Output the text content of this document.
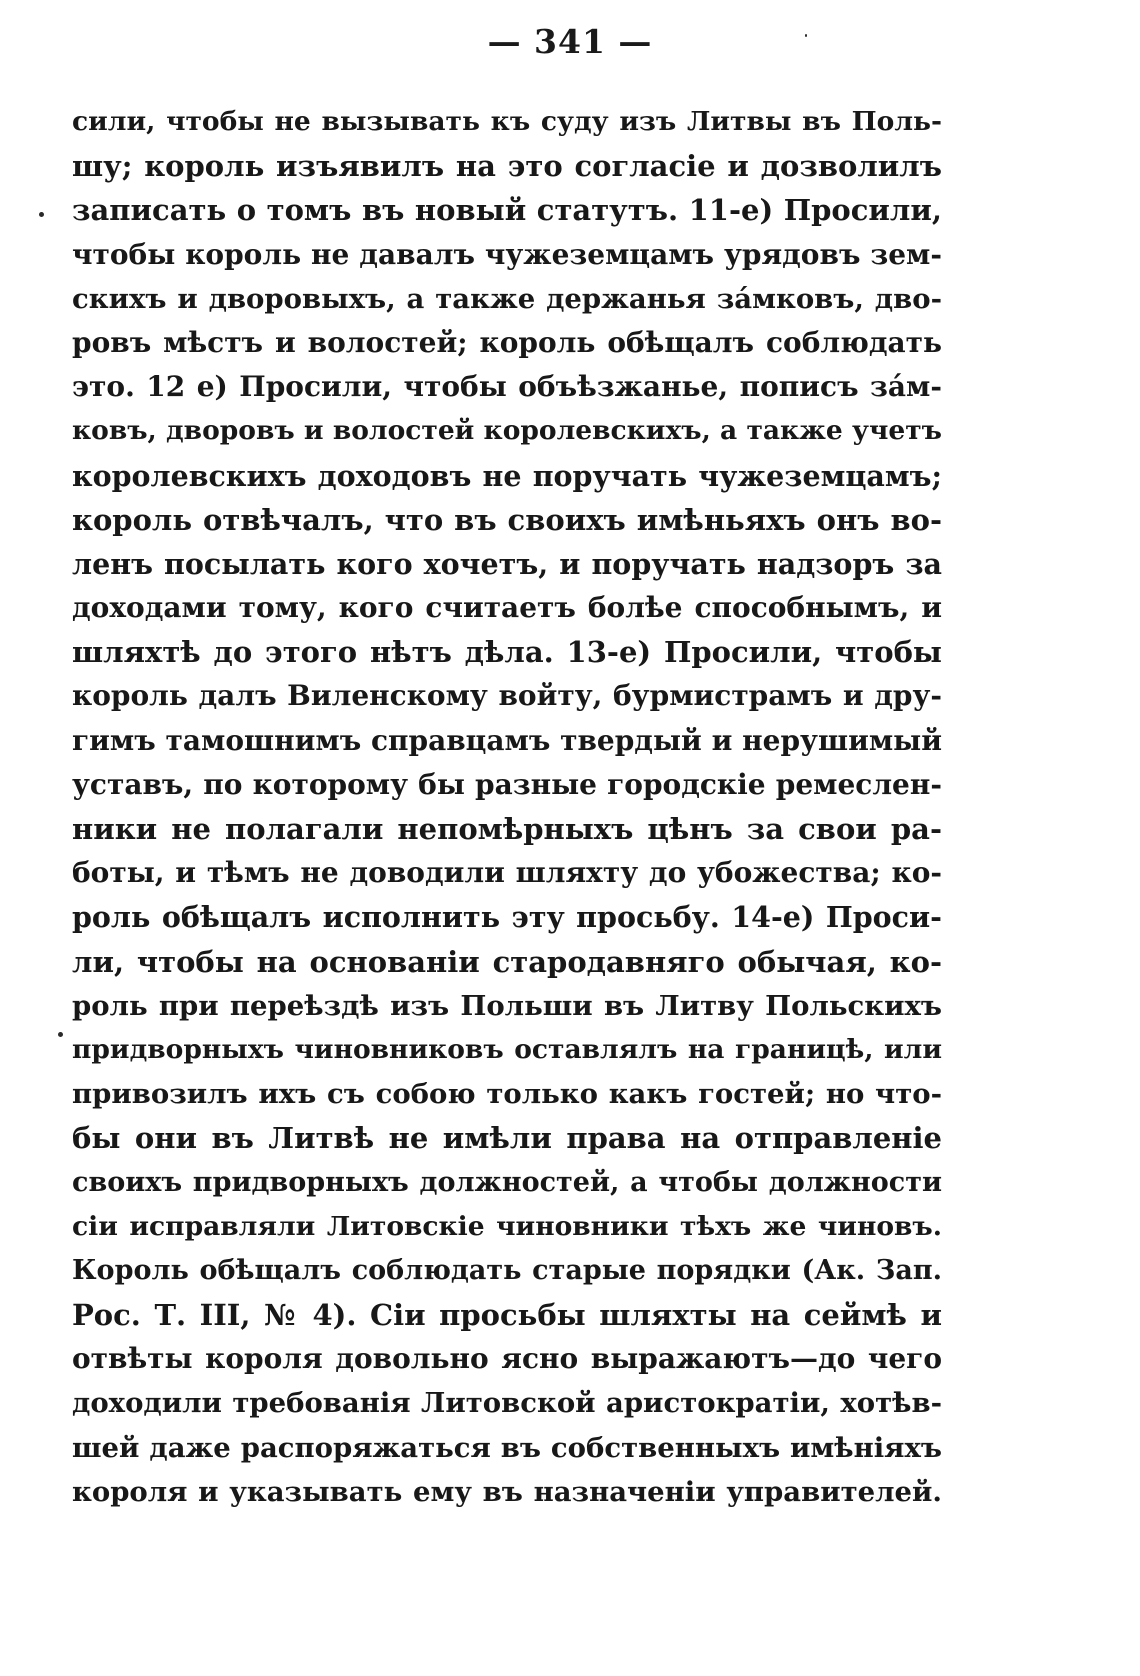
— 341 —
сили, чтобы не вызывать къ суду изъ Литвы въ Поль-
шу; король изъявилъ на это согласіе и дозволилъ
записать о томъ въ новый статутъ. 11-е) Просили,
чтобы король не давалъ чужеземцамъ урядовъ зем-
скихъ и дворовыхъ, а также держанья за́мковъ, дво-
ровъ мѣстъ и волостей; король обѣщалъ соблюдать
это. 12 е) Просили, чтобы объѣзжанье, пописъ за́м-
ковъ, дворовъ и волостей королевскихъ, а также учетъ
королевскихъ доходовъ не поручать чужеземцамъ;
король отвѣчалъ, что въ своихъ имѣньяхъ онъ во-
ленъ посылать кого хочетъ, и поручать надзоръ за
доходами тому, кого считаетъ болѣе способнымъ, и
шляхтѣ до этого нѣтъ дѣла. 13-е) Просили, чтобы
король далъ Виленскому войту, бурмистрамъ и дру-
гимъ тамошнимъ справцамъ твердый и нерушимый
уставъ, по которому бы разные городскіе ремеслен-
ники не полагали непомѣрныхъ цѣнъ за свои ра-
боты, и тѣмъ не доводили шляхту до убожества; ко-
роль обѣщалъ исполнить эту просьбу. 14-е) Проси-
ли, чтобы на основаніи стародавняго обычая, ко-
роль при переѣздѣ изъ Польши въ Литву Польскихъ
придворныхъ чиновниковъ оставлялъ на границѣ, или
привозилъ ихъ съ собою только какъ гостей; но что-
бы они въ Литвѣ не имѣли права на отправленіе
своихъ придворныхъ должностей, а чтобы должности
сіи исправляли Литовскіе чиновники тѣхъ же чиновъ.
Король обѣщалъ соблюдать старые порядки (Ак. Зап.
Рос. Т. III, № 4). Сіи просьбы шляхты на сеймѣ и
отвѣты короля довольно ясно выражаютъ—до чего
доходили требованія Литовской аристократіи, хотѣв-
шей даже распоряжаться въ собственныхъ имѣніяхъ
короля и указывать ему въ назначеніи управителей.
